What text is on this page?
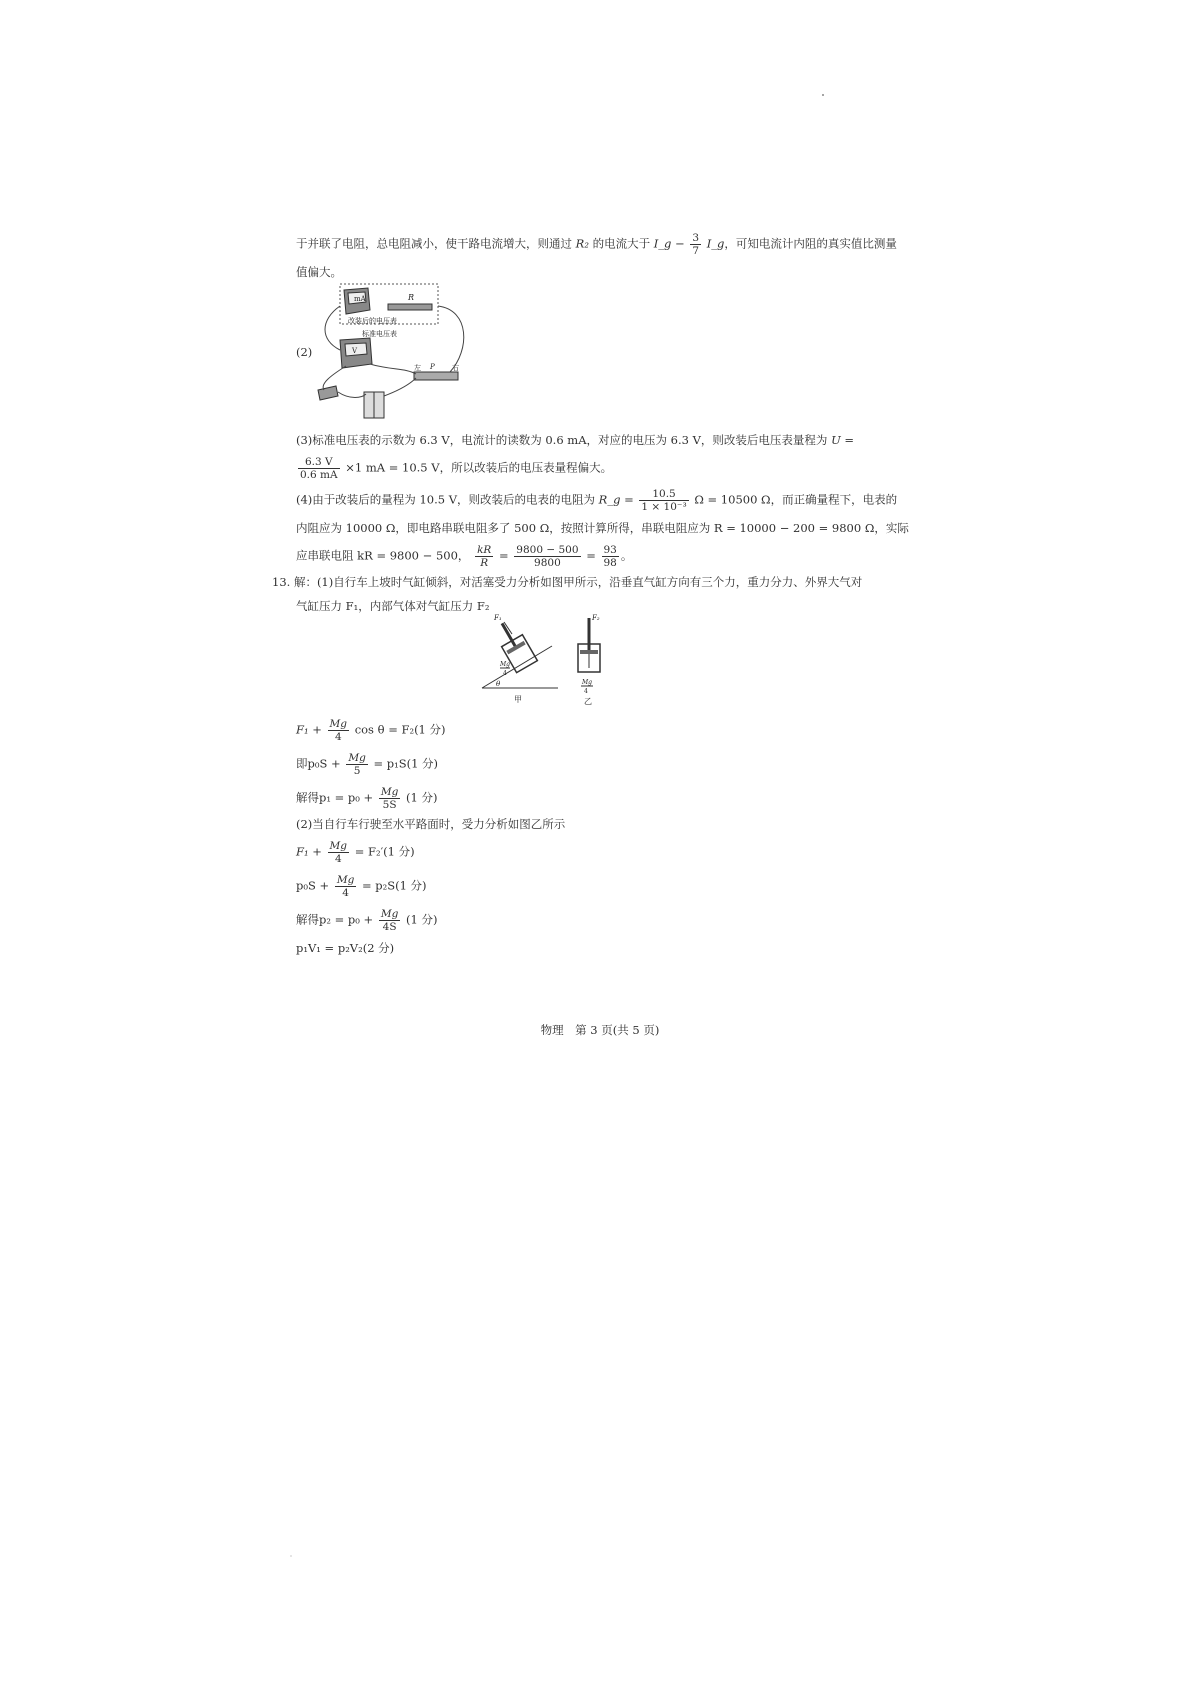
于并联了电阻，总电阻减小，使干路电流增大，则通过 R₂ 的电流大于 I_g − $\frac{3}{7}$ I_g，可知电流计内阻的真实值比测量
值偏大。
(2)
mA	R
改装后的电压表
标准电压表
V
左 P 右
(3)标准电压表的示数为 6.3 V，电流计的读数为 0.6 mA，对应的电压为 6.3 V，则改装后电压表量程为 U =
$\frac{6.3 V}{0.6 mA} \times 1$ mA = 10.5 V，所以改装后的电压表量程偏大。
(4)由于改装后的量程为 10.5 V，则改装后的电表的电阻为 R_g = $\frac{10.5}{\text{1 × 10⁻³}}$ Ω = 10500 Ω，而正确量程下，电表的
内阻应为 10000 Ω，即电路串联电阻多了 500 Ω，按照计算所得，串联电阻应为 R = 10000 − 200 = 9800 Ω，实际
应串联电阻 kR = 9800 − 500， $\frac{kR}{R} = \frac{9800 - 500}{9800} = \frac{93}{98}$ 。
13. 解：(1)自行车上坡时气缸倾斜，对活塞受力分析如图甲所示，沿垂直气缸方向有三个力，重力分力、外界大气对
气缸压力 F₁，内部气体对气缸压力 F₂
θ
F₁
Mg
4
甲
F₂
Mg
4
乙
$F_1 + \frac{Mg}{4}$ cos θ = F₂(1 分)
即$p_0S + \frac{Mg}{5} = p_1S(1$ 分)
解得$p_1 = p_0 + \frac{Mg}{5S} (1$ 分)
(2)当自行车行驶至水平路面时，受力分析如图乙所示
$F_1 + \frac{Mg}{4} = F_2'(1$ 分)
$p_0S + \frac{Mg}{4} = p_2S(1$ 分)
解得$p_2 = p_0 + \frac{Mg}{4S} (1$ 分)
p₁V₁ = p₂V₂(2 分)
物理　第 3 页(共 5 页)
